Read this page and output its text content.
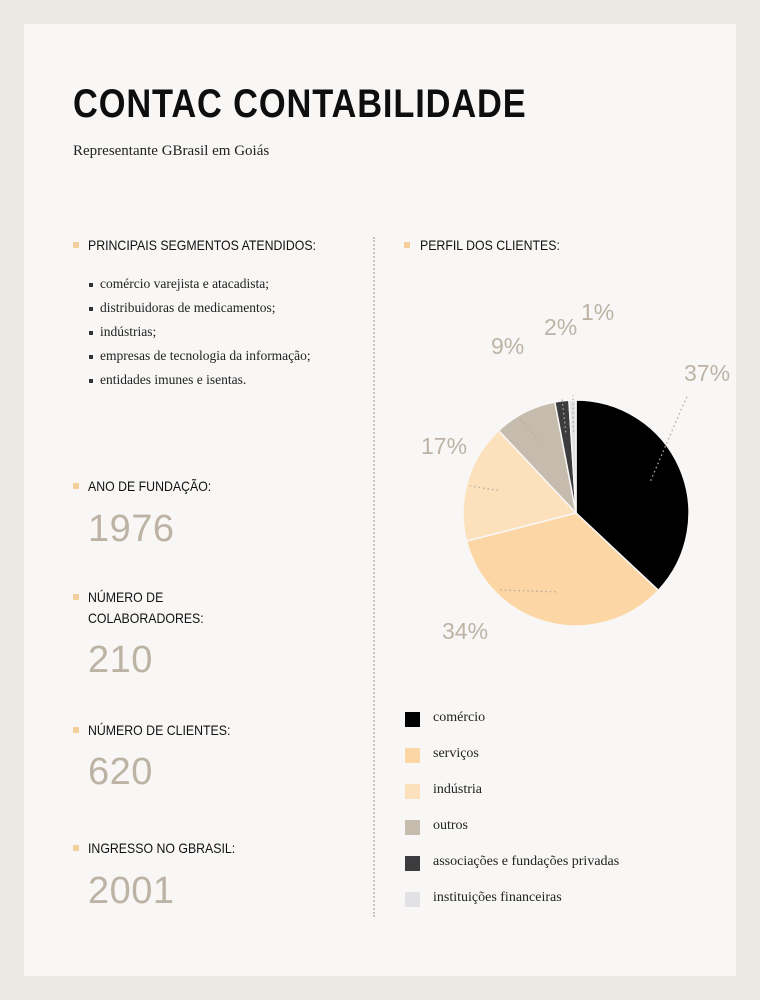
CONTAC CONTABILIDADE
Representante GBrasil em Goiás
PRINCIPAIS SEGMENTOS ATENDIDOS:
comércio varejista e atacadista;
distribuidoras de medicamentos;
indústrias;
empresas de tecnologia da informação;
entidades imunes e isentas.
ANO DE FUNDAÇÃO:
1976
NÚMERO DE
COLABORADORES:
210
NÚMERO DE CLIENTES:
620
INGRESSO NO GBRASIL:
2001
PERFIL DOS CLIENTES:
37%
34%
17%
9%
2%
1%
comércio
serviços
indústria
outros
associações e fundações privadas
instituições financeiras
